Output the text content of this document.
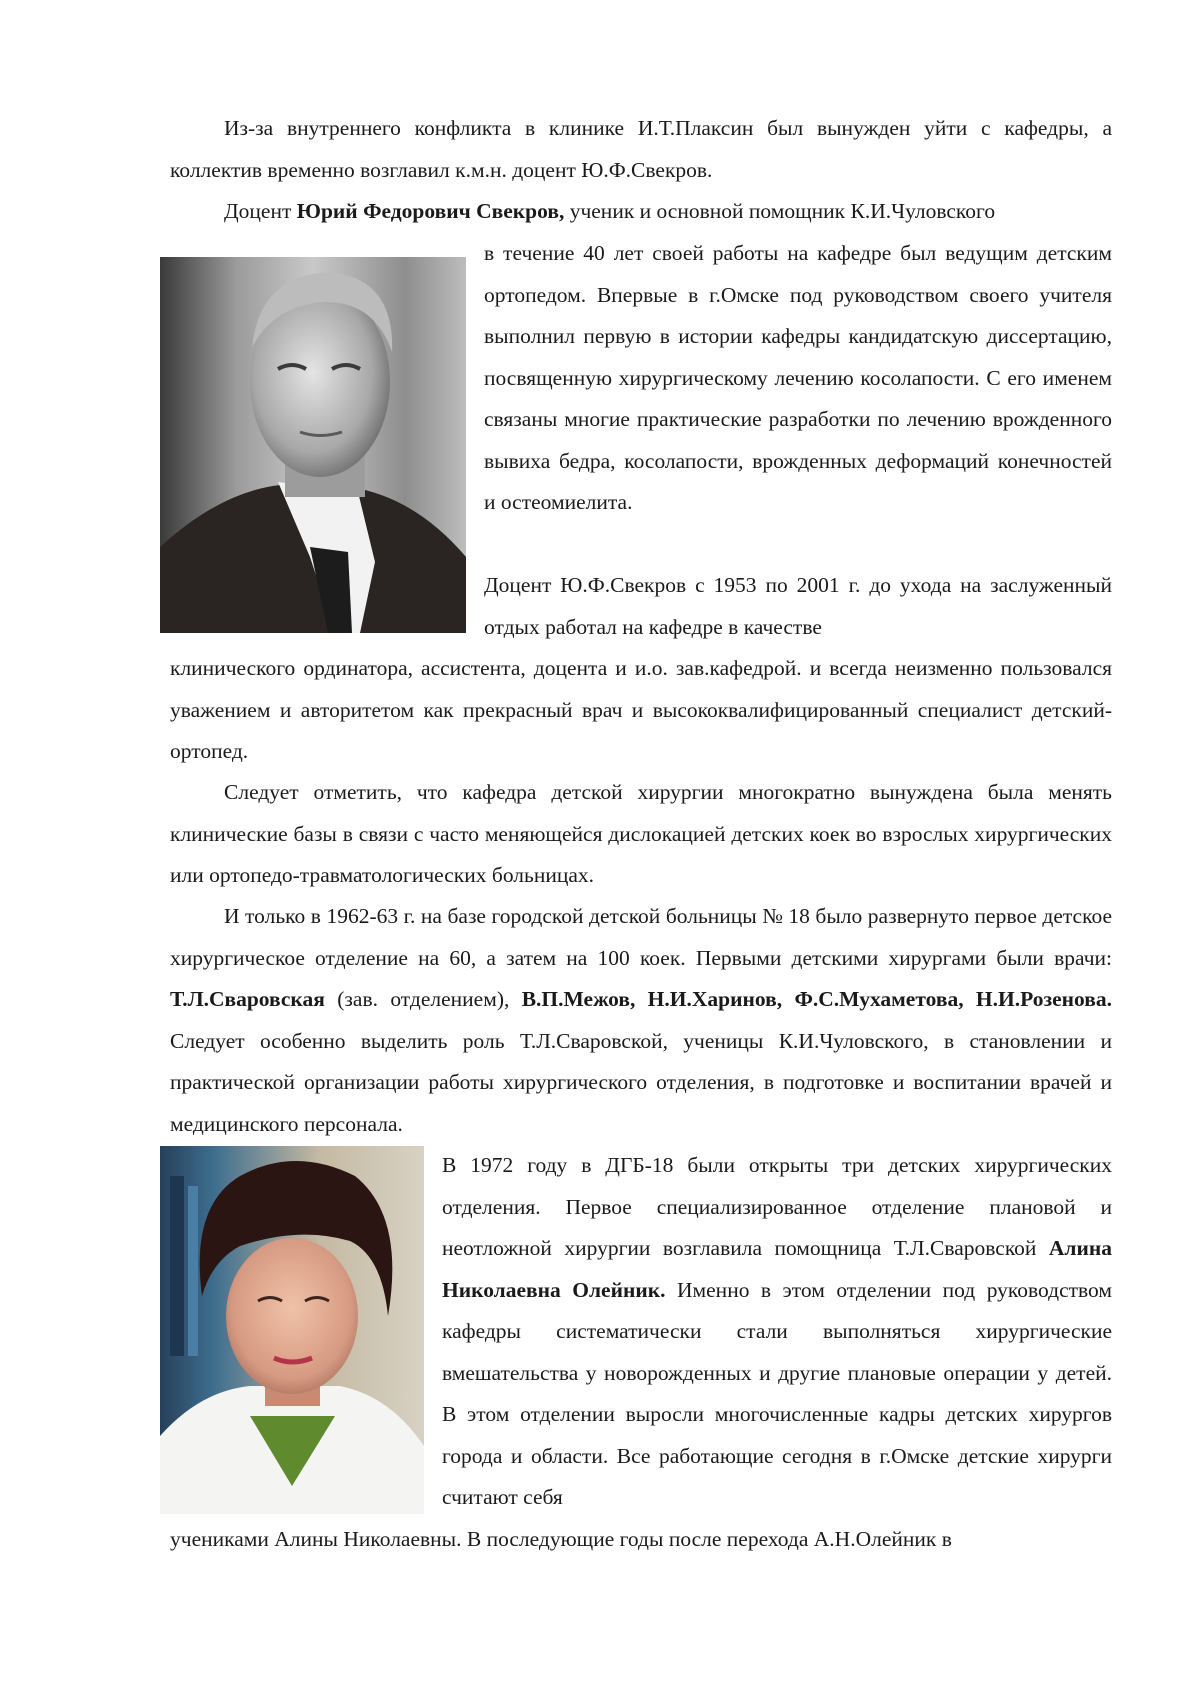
Из-за внутреннего конфликта в клинике И.Т.Плаксин был вынужден уйти с кафедры, а коллектив временно возглавил к.м.н. доцент Ю.Ф.Свекров.

Доцент Юрий Федорович Свекров, ученик и основной помощник К.И.Чуловского

в течение 40 лет своей работы на кафедре был ведущим детским ортопедом. Впервые в г.Омске под руководством своего учителя выполнил первую в истории кафедры кандидатскую диссертацию, посвященную хирургическому лечению косолапости. С его именем связаны многие практические разработки по лечению врожденного вывиха бедра, косолапости, врожденных деформаций конечностей и остеомиелита.

Доцент Ю.Ф.Свекров с 1953 по 2001 г. до ухода на заслуженный отдых работал на кафедре в качестве

клинического ординатора, ассистента, доцента и и.о. зав.кафедрой. и всегда неизменно пользовался уважением и авторитетом как прекрасный врач и высококвалифицированный специалист детский-ортопед.

Следует отметить, что кафедра детской хирургии многократно вынуждена была менять клинические базы в связи с часто меняющейся дислокацией детских коек во взрослых хирургических или ортопедо-травматологических больницах.

И только в 1962-63 г. на базе городской детской больницы № 18 было развернуто первое детское хирургическое отделение на 60, а затем на 100 коек. Первыми детскими хирургами были врачи: Т.Л.Сваровская (зав. отделением), В.П.Межов, Н.И.Харинов, Ф.С.Мухаметова, Н.И.Розенова. Следует особенно выделить роль Т.Л.Сваровской, ученицы К.И.Чуловского, в становлении и практической организации работы хирургического отделения, в подготовке и воспитании врачей и медицинского персонала.

В 1972 году в ДГБ-18 были открыты три детских хирургических отделения. Первое специализированное отделение плановой и неотложной хирургии возглавила помощница Т.Л.Сваровской Алина Николаевна Олейник. Именно в этом отделении под руководством кафедры систематически стали выполняться хирургические вмешательства у новорожденных и другие плановые операции у детей. В этом отделении выросли многочисленные кадры детских хирургов города и области. Все работающие сегодня в г.Омске детские хирурги считают себя

учениками Алины Николаевны. В последующие годы после перехода А.Н.Олейник в
